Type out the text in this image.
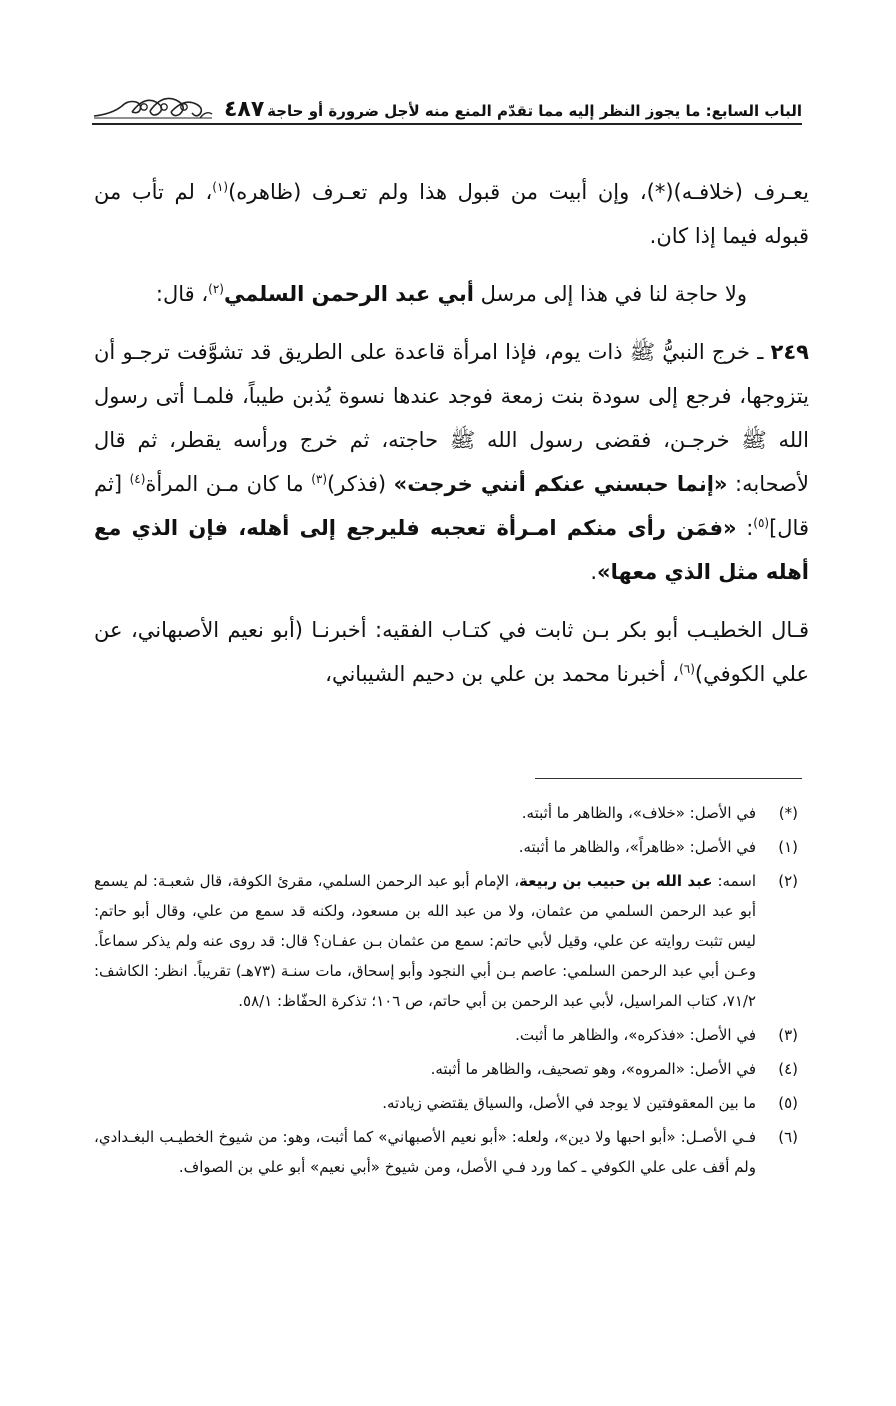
الباب السابع: ما يجوز النظر إليه مما تقدّم المنع منه لأجل ضرورة أو حاجة
٤٨٧

يعـرف (خلافـه)(*)، وإن أبيت من قبول هذا ولم تعـرف (ظاهره)$^{(١)}$، لم تأب من قبوله فيما إذا كان.

ولا حاجة لنا في هذا إلى مرسل أبي عبد الرحمن السلمي$^{(٢)}$، قال:

٢٤٩ ـ خرج النبيُّ ﷺ ذات يوم، فإذا امرأة قاعدة على الطريق قد تشوَّفت ترجـو أن يتزوجها، فرجع إلى سودة بنت زمعة فوجد عندها نسوة يُذبن طيباً، فلمـا أتى رسول الله ﷺ خرجـن، فقضى رسول الله ﷺ حاجته، ثم خرج ورأسه يقطر، ثم قال لأصحابه: «إنما حبسني عنكم أنني خرجت» (فذكر)$^{(٣)}$ ما كان مـن المرأة$^{(٤)}$ [ثم قال]$^{(٥)}$: «فمَن رأى منكم امـرأة تعجبه فليرجع إلى أهله، فإن الذي مع أهله مثل الذي معها».

قـال الخطيـب أبو بكر بـن ثابت في كتـاب الفقيه: أخبرنـا (أبو نعيم الأصبهاني، عن علي الكوفي)$^{(٦)}$، أخبرنا محمد بن علي بن دحيم الشيباني،

(*)
في الأصل: «خلاف»، والظاهر ما أثبته.
(١)
في الأصل: «ظاهراً»، والظاهر ما أثبته.
(٢)
اسمه: عبد الله بن حبيب بن ربيعة، الإمام أبو عبد الرحمن السلمي، مقرئ الكوفة، قال شعبـة: لم يسمع أبو عبد الرحمن السلمي من عثمان، ولا من عبد الله بن مسعود، ولكنه قد سمع من علي، وقال أبو حاتم: ليس تثبت روايته عن علي، وقيل لأبي حاتم: سمع من عثمان بـن عفـان؟ قال: قد روى عنه ولم يذكر سماعاً. وعـن أبي عبد الرحمن السلمي: عاصم بـن أبي النجود وأبو إسحاق، مات سنـة (٧٣هـ) تقريباً. انظر: الكاشف: ٧١/٢، كتاب المراسيل، لأبي عبد الرحمن بن أبي حاتم، ص ١٠٦؛ تذكرة الحفّاظ: ٥٨/١.
(٣)
في الأصل: «فذكره»، والظاهر ما أثبت.
(٤)
في الأصل: «المروه»، وهو تصحيف، والظاهر ما أثبته.
(٥)
ما بين المعقوفتين لا يوجد في الأصل، والسياق يقتضي زيادته.
(٦)
فـي الأصـل: «أبو احبها ولا دين»، ولعله: «أبو نعيم الأصبهاني» كما أثبت، وهو: من شيوخ الخطيـب البغـدادي، ولم أقف على علي الكوفي ـ كما ورد فـي الأصل، ومن شيوخ «أبي نعيم» أبو علي بن الصواف.
